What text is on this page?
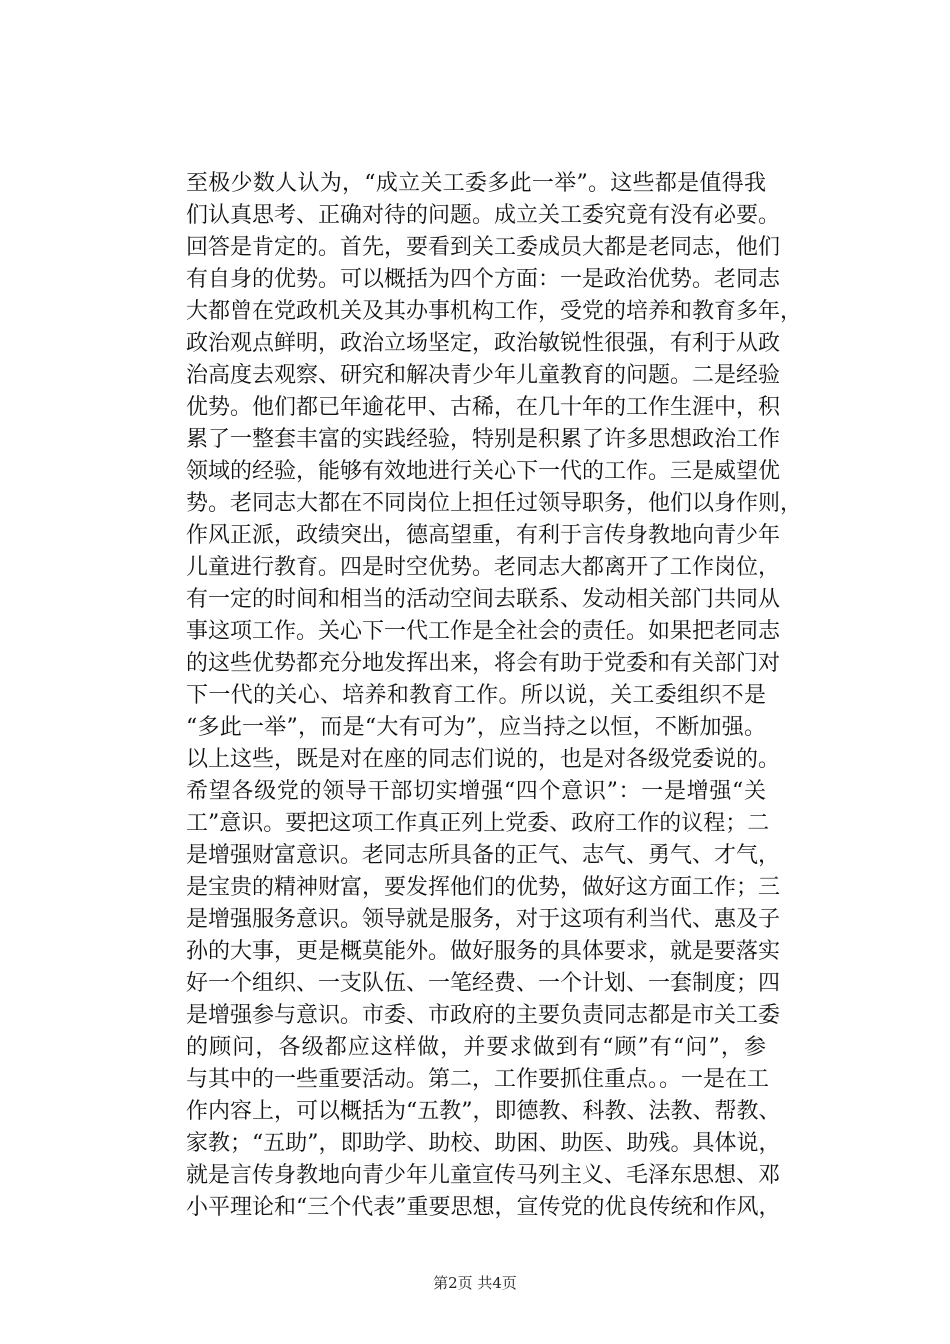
至极少数人认为，“成立关工委多此一举”。这些都是值得我
们认真思考、正确对待的问题。成立关工委究竟有没有必要。
回答是肯定的。首先，要看到关工委成员大都是老同志，他们
有自身的优势。可以概括为四个方面：一是政治优势。老同志
大都曾在党政机关及其办事机构工作，受党的培养和教育多年，
政治观点鲜明，政治立场坚定，政治敏锐性很强，有利于从政
治高度去观察、研究和解决青少年儿童教育的问题。二是经验
优势。他们都已年逾花甲、古稀，在几十年的工作生涯中，积
累了一整套丰富的实践经验，特别是积累了许多思想政治工作
领域的经验，能够有效地进行关心下一代的工作。三是威望优
势。老同志大都在不同岗位上担任过领导职务，他们以身作则，
作风正派，政绩突出，德高望重，有利于言传身教地向青少年
儿童进行教育。四是时空优势。老同志大都离开了工作岗位，
有一定的时间和相当的活动空间去联系、发动相关部门共同从
事这项工作。关心下一代工作是全社会的责任。如果把老同志
的这些优势都充分地发挥出来，将会有助于党委和有关部门对
下一代的关心、培养和教育工作。所以说，关工委组织不是
“多此一举”，而是“大有可为”，应当持之以恒，不断加强。
以上这些，既是对在座的同志们说的，也是对各级党委说的。
希望各级党的领导干部切实增强“四个意识”：一是增强“关
工”意识。要把这项工作真正列上党委、政府工作的议程；二
是增强财富意识。老同志所具备的正气、志气、勇气、才气，
是宝贵的精神财富，要发挥他们的优势，做好这方面工作；三
是增强服务意识。领导就是服务，对于这项有利当代、惠及子
孙的大事，更是概莫能外。做好服务的具体要求，就是要落实
好一个组织、一支队伍、一笔经费、一个计划、一套制度；四
是增强参与意识。市委、市政府的主要负责同志都是市关工委
的顾问，各级都应这样做，并要求做到有“顾”有“问”，参
与其中的一些重要活动。第二，工作要抓住重点。。一是在工
作内容上，可以概括为“五教”，即德教、科教、法教、帮教、
家教；“五助”，即助学、助校、助困、助医、助残。具体说，
就是言传身教地向青少年儿童宣传马列主义、毛泽东思想、邓
小平理论和“三个代表”重要思想，宣传党的优良传统和作风，
第2页 共4页
